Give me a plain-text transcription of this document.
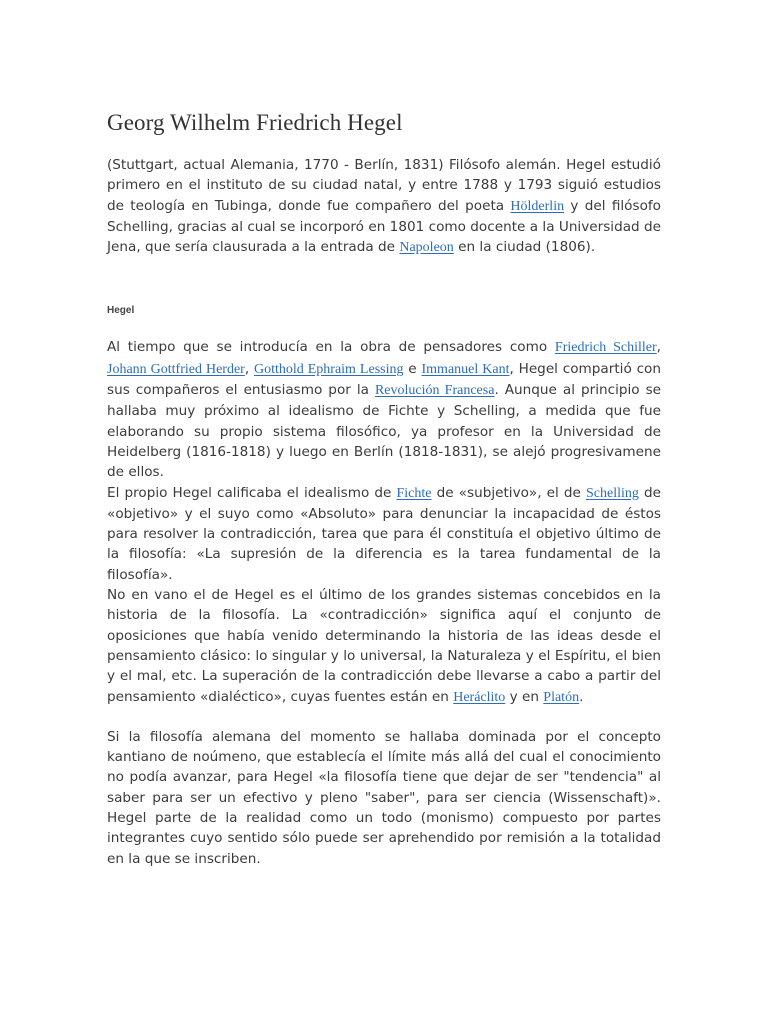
Georg Wilhelm Friedrich Hegel

(Stuttgart, actual Alemania, 1770 - Berlín, 1831) Filósofo alemán. Hegel estudió primero en el instituto de su ciudad natal, y entre 1788 y 1793 siguió estudios de teología en Tubinga, donde fue compañero del poeta Hölderlin y del filósofo Schelling, gracias al cual se incorporó en 1801 como docente a la Universidad de Jena, que sería clausurada a la entrada de Napoleon en la ciudad (1806).

Hegel

Al tiempo que se introducía en la obra de pensadores como Friedrich Schiller, Johann Gottfried Herder, Gotthold Ephraim Lessing e Immanuel Kant, Hegel compartió con sus compañeros el entusiasmo por la Revolución Francesa. Aunque al principio se hallaba muy próximo al idealismo de Fichte y Schelling, a medida que fue elaborando su propio sistema filosófico, ya profesor en la Universidad de Heidelberg (1816-1818) y luego en Berlín (1818-1831), se alejó progresivamene de ellos.

El propio Hegel calificaba el idealismo de Fichte de «subjetivo», el de Schelling de «objetivo» y el suyo como «Absoluto» para denunciar la incapacidad de éstos para resolver la contradicción, tarea que para él constituía el objetivo último de la filosofía: «La supresión de la diferencia es la tarea fundamental de la filosofía».

No en vano el de Hegel es el último de los grandes sistemas concebidos en la historia de la filosofía. La «contradicción» significa aquí el conjunto de oposiciones que había venido determinando la historia de las ideas desde el pensamiento clásico: lo singular y lo universal, la Naturaleza y el Espíritu, el bien y el mal, etc. La superación de la contradicción debe llevarse a cabo a partir del pensamiento «dialéctico», cuyas fuentes están en Heráclito y en Platón.

Si la filosofía alemana del momento se hallaba dominada por el concepto kantiano de noúmeno, que establecía el límite más allá del cual el conocimiento no podía avanzar, para Hegel «la filosofía tiene que dejar de ser "tendencia" al saber para ser un efectivo y pleno "saber", para ser ciencia (Wissenschaft)». Hegel parte de la realidad como un todo (monismo) compuesto por partes integrantes cuyo sentido sólo puede ser aprehendido por remisión a la totalidad en la que se inscriben.
